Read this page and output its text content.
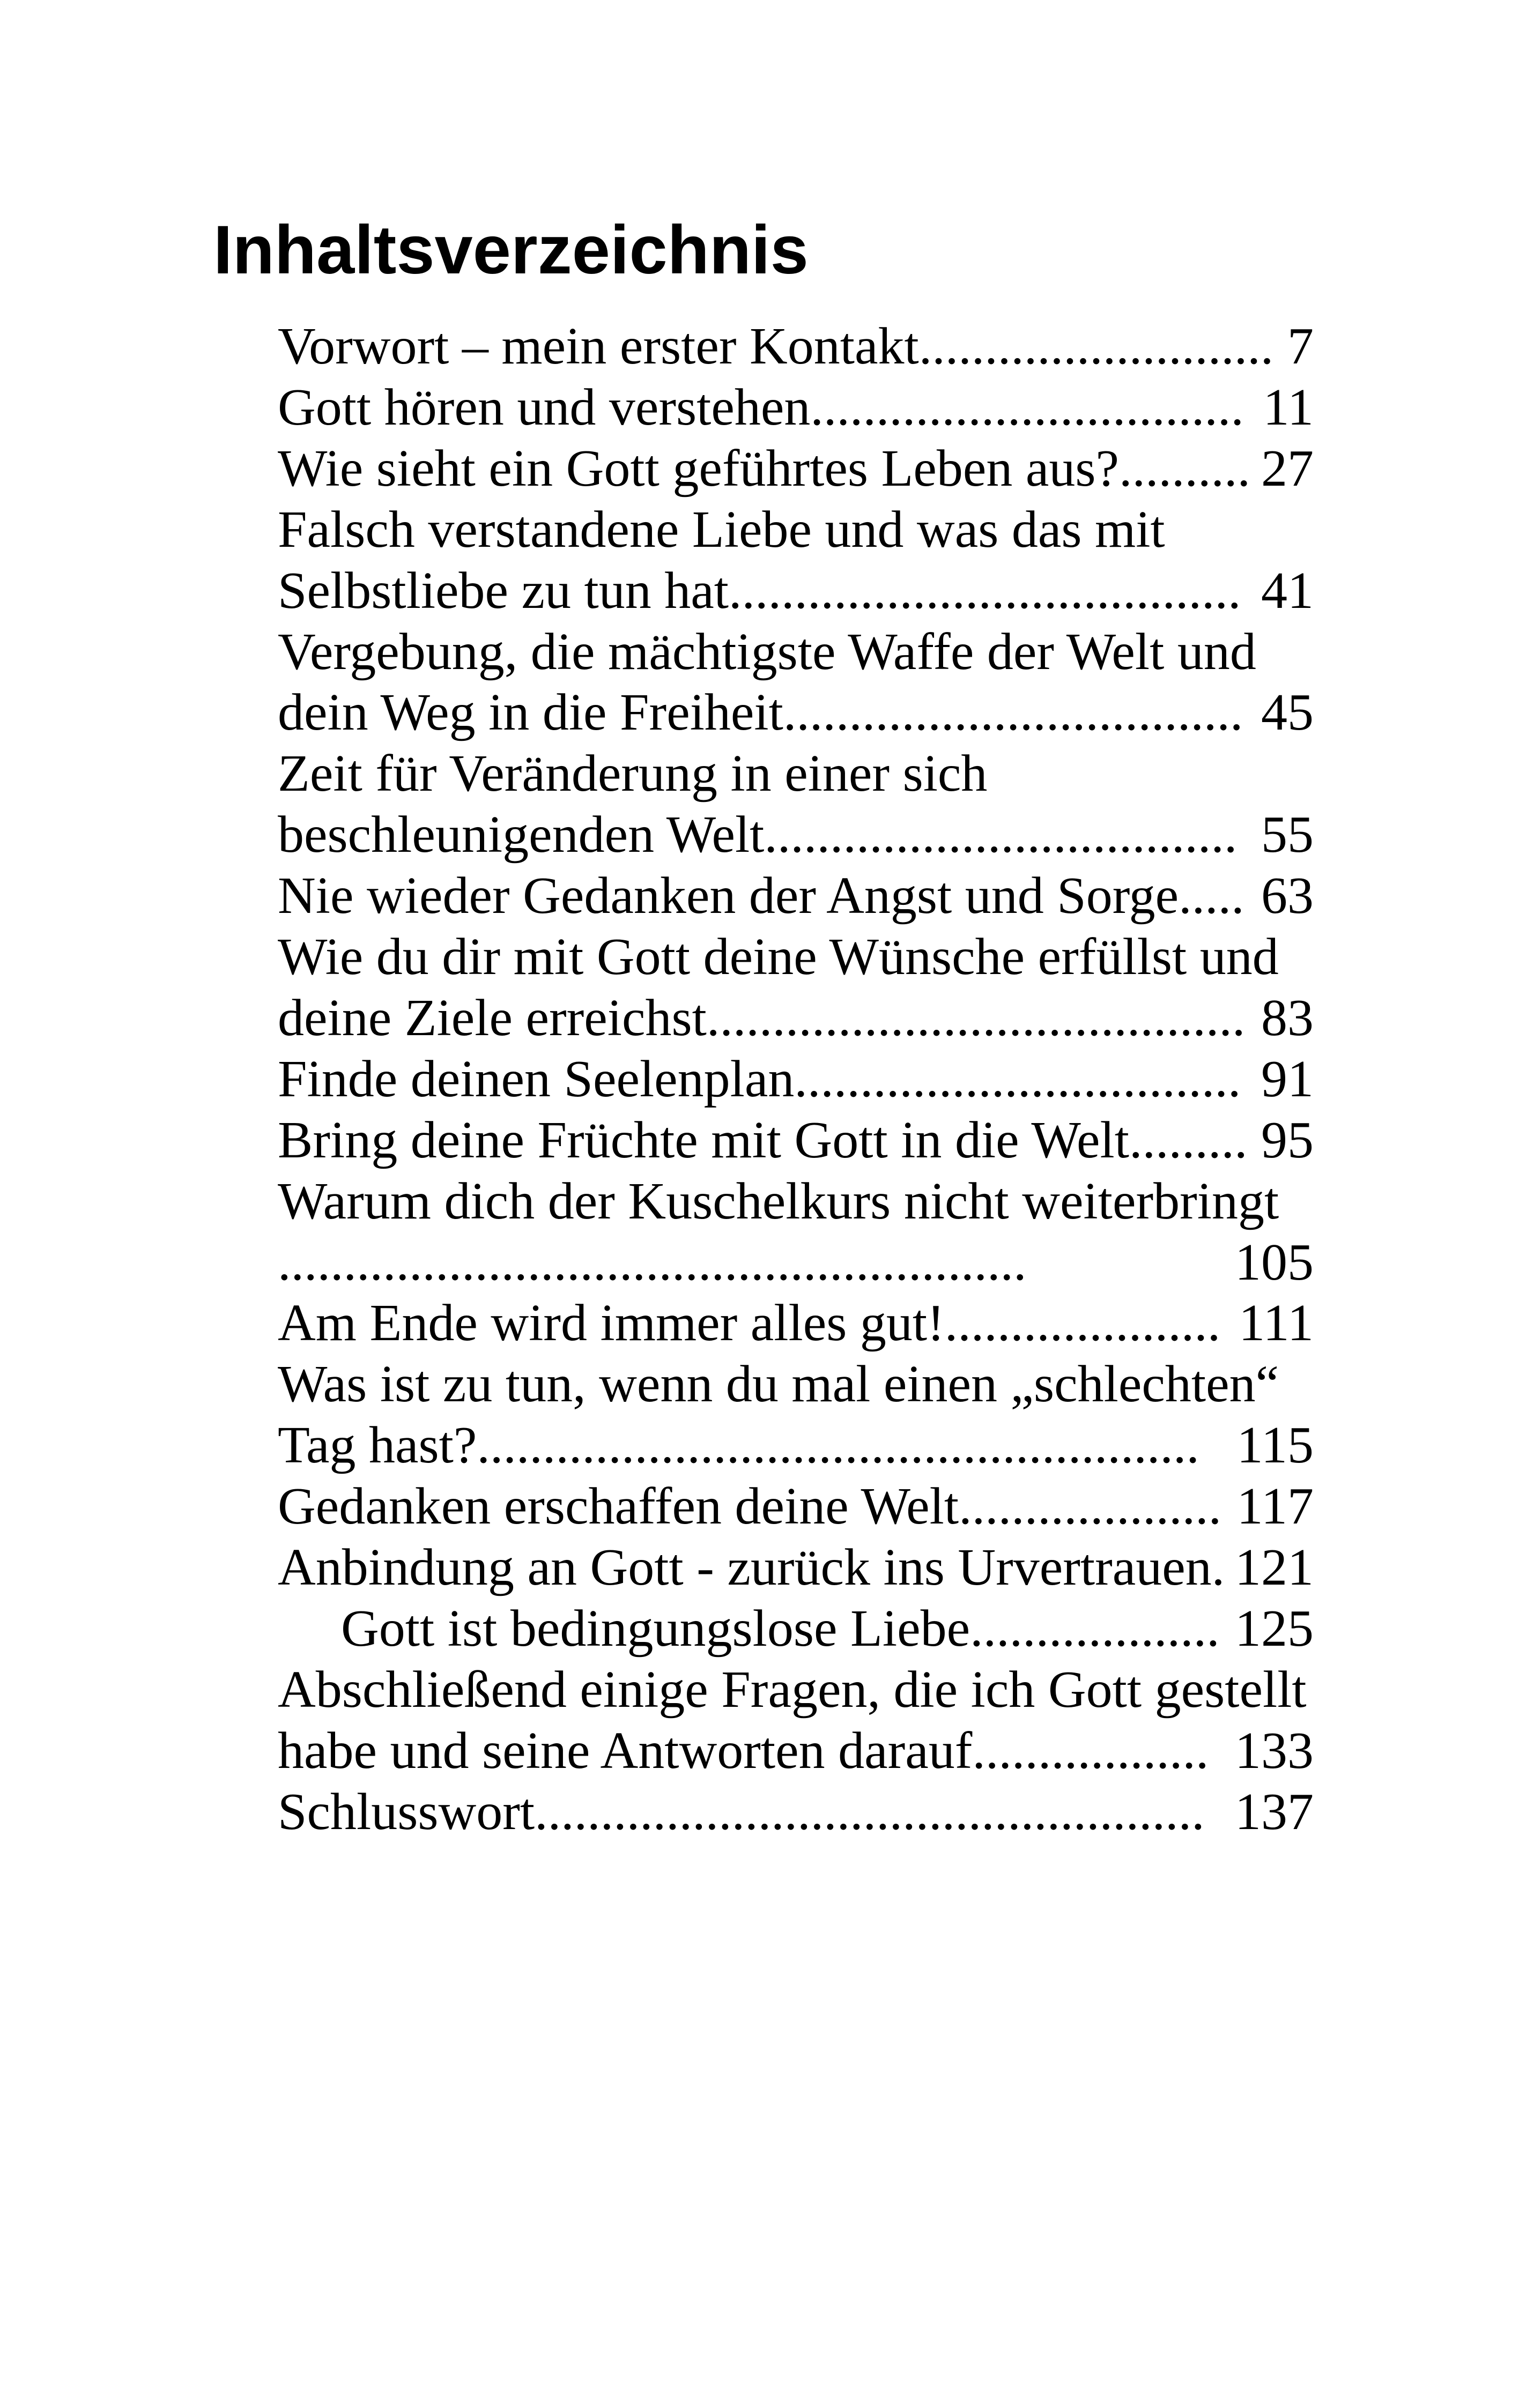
Inhaltsverzeichnis
Vorwort – mein erster Kontakt ........................... 7
Gott hören und verstehen ................................. 11
Wie sieht ein Gott geführtes Leben aus? .......... 27
Falsch verstandene Liebe und was das mit
Selbstliebe zu tun hat ....................................... 41
Vergebung, die mächtigste Waffe der Welt und
dein Weg in die Freiheit ................................... 45
Zeit für Veränderung in einer sich
beschleunigenden Welt .................................... 55
Nie wieder Gedanken der Angst und Sorge ..... 63
Wie du dir mit Gott deine Wünsche erfüllst und
deine Ziele erreichst ......................................... 83
Finde deinen Seelenplan .................................. 91
Bring deine Früchte mit Gott in die Welt ......... 95
Warum dich der Kuschelkurs nicht weiterbringt
.........................................................	105
Am Ende wird immer alles gut! ..................... 111
Was ist zu tun, wenn du mal einen „schlechten“
Tag hast? ....................................................... 115
Gedanken erschaffen deine Welt .................... 117
Anbindung an Gott - zurück ins Urvertrauen. 121
Gott ist bedingungslose Liebe ................... 125
Abschließend einige Fragen, die ich Gott gestellt
habe und seine Antworten darauf .................. 133
Schlusswort ................................................... 137
